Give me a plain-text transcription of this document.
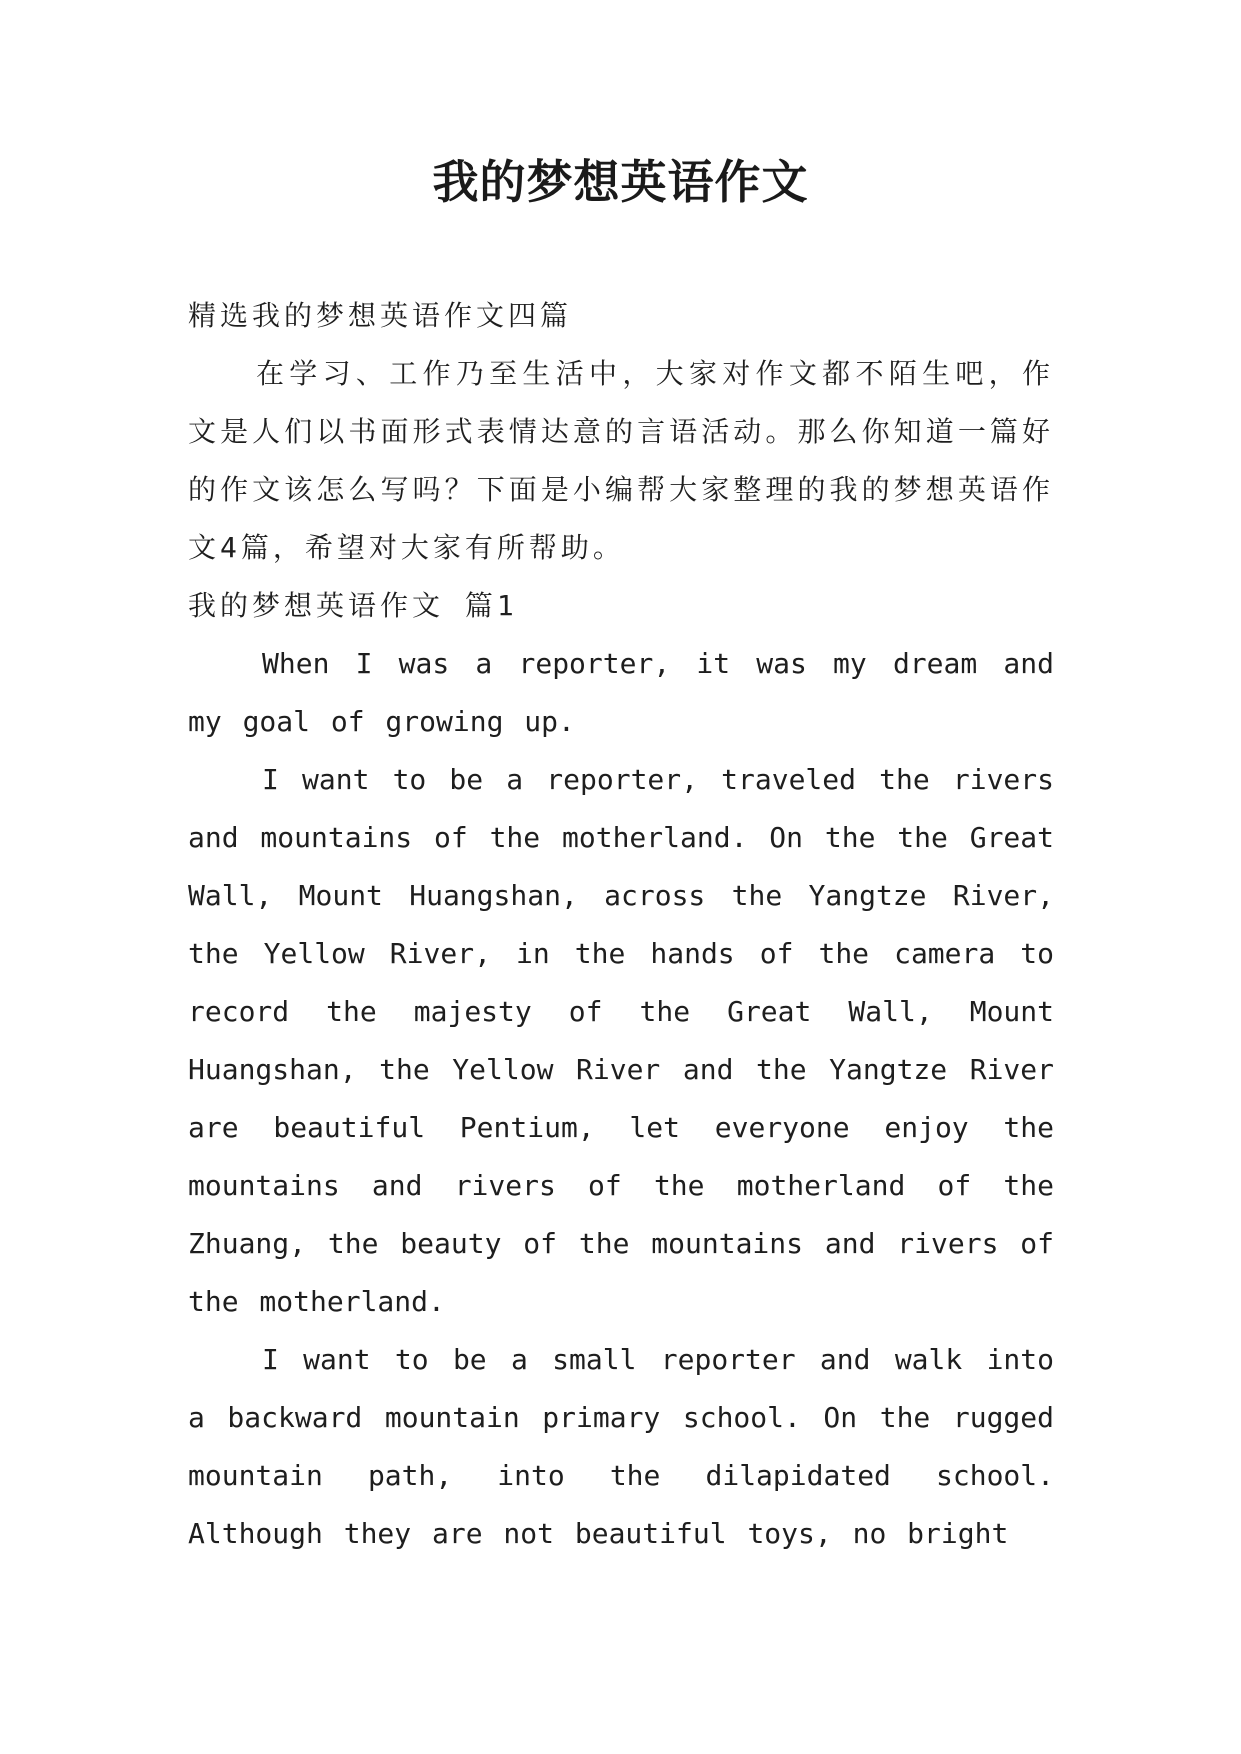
我的梦想英语作文

精选我的梦想英语作文四篇

在学习、工作乃至生活中，大家对作文都不陌生吧，作文是人们以书面形式表情达意的言语活动。那么你知道一篇好的作文该怎么写吗？下面是小编帮大家整理的我的梦想英语作文4篇，希望对大家有所帮助。

我的梦想英语作文 篇1

When I was a reporter, it was my dream and my goal of growing up.

I want to be a reporter, traveled the rivers and mountains of the motherland. On the the Great Wall, Mount Huangshan, across the Yangtze River, the Yellow River, in the hands of the camera to record the majesty of the Great Wall, Mount Huangshan, the Yellow River and the Yangtze River are beautiful Pentium, let everyone enjoy the mountains and rivers of the motherland of the Zhuang, the beauty of the mountains and rivers of the motherland.

I want to be a small reporter and walk into a backward mountain primary school. On the rugged mountain path, into the dilapidated school. Although they are not beautiful toys, no bright
